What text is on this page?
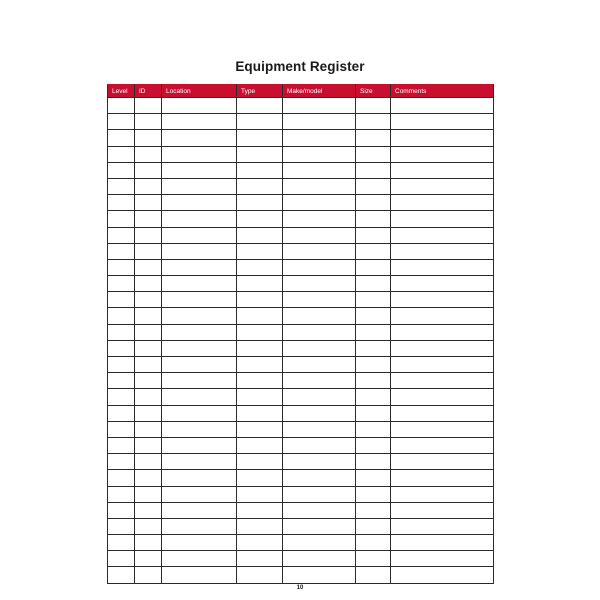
Equipment Register
Level	ID	Location	Type	Make/model	Size	Comments

10
